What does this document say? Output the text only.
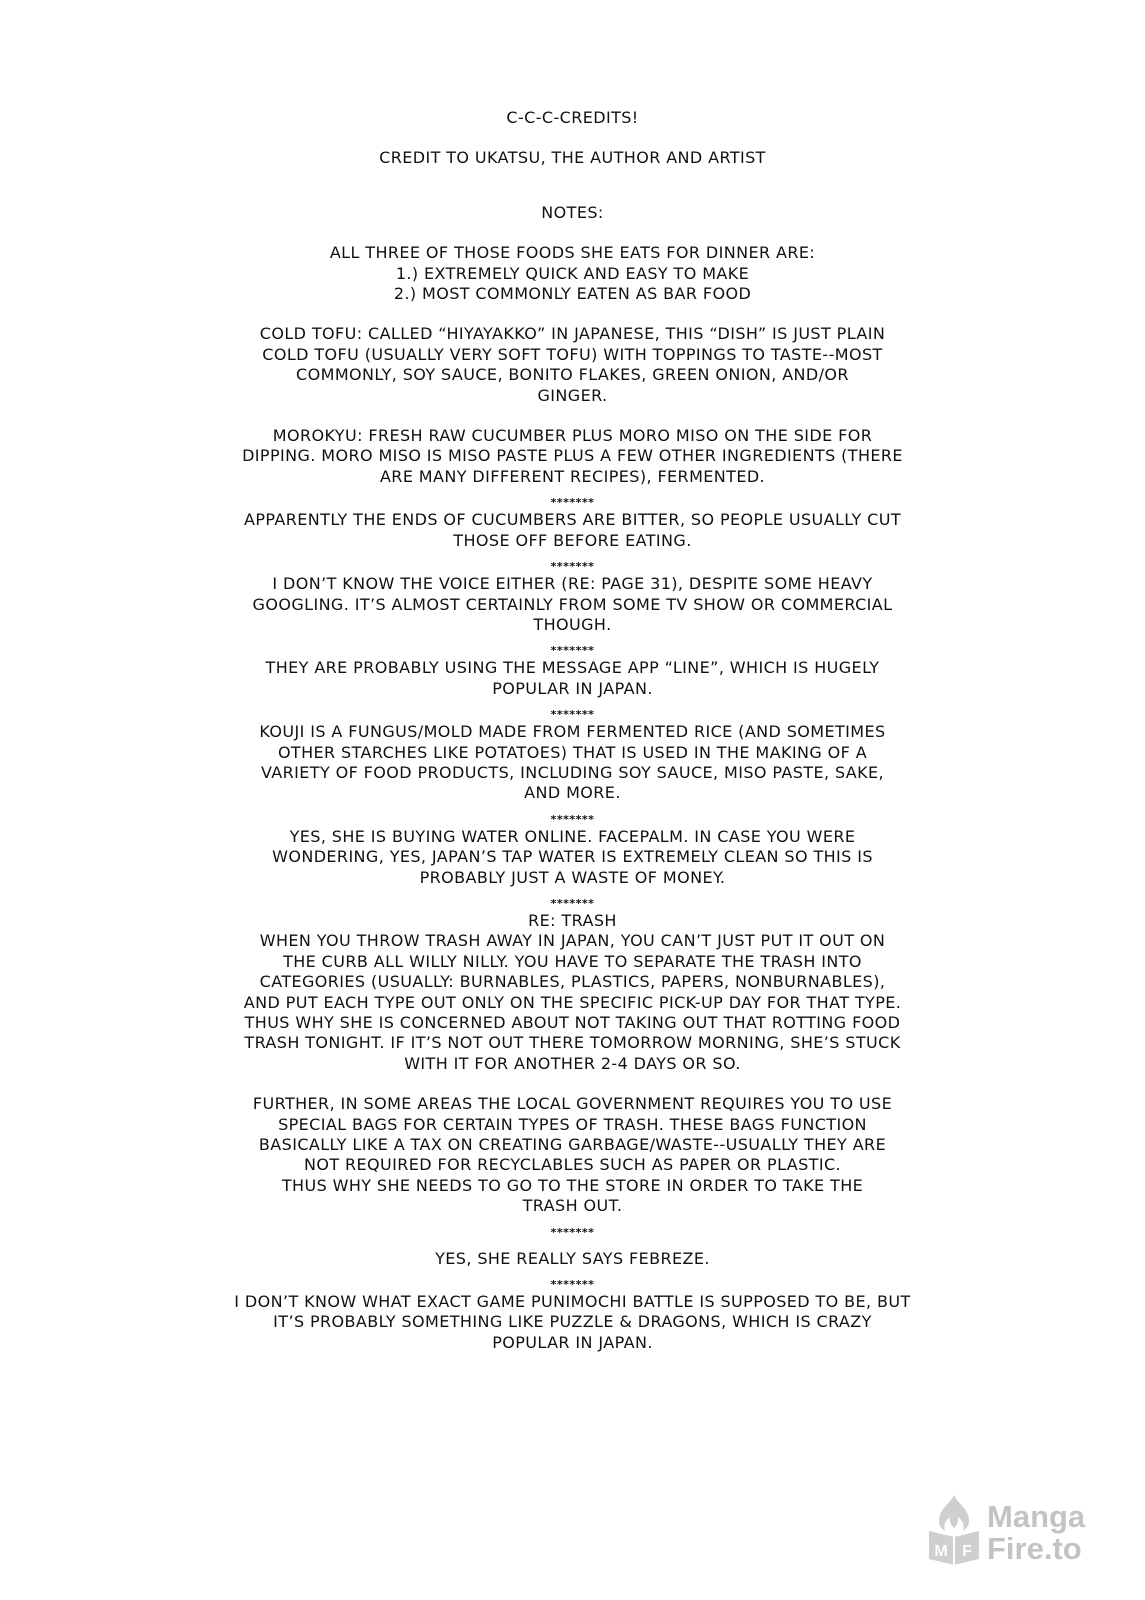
C-C-C-CREDITS!
CREDIT TO UKATSU, THE AUTHOR AND ARTIST
NOTES:
ALL THREE OF THOSE FOODS SHE EATS FOR DINNER ARE:
1.) EXTREMELY QUICK AND EASY TO MAKE
2.) MOST COMMONLY EATEN AS BAR FOOD
COLD TOFU: CALLED “HIYAYAKKO” IN JAPANESE, THIS “DISH” IS JUST PLAIN
COLD TOFU (USUALLY VERY SOFT TOFU) WITH TOPPINGS TO TASTE--MOST
COMMONLY, SOY SAUCE, BONITO FLAKES, GREEN ONION, AND/OR
GINGER.
MOROKYU: FRESH RAW CUCUMBER PLUS MORO MISO ON THE SIDE FOR
DIPPING. MORO MISO IS MISO PASTE PLUS A FEW OTHER INGREDIENTS (THERE
ARE MANY DIFFERENT RECIPES), FERMENTED.
*******
APPARENTLY THE ENDS OF CUCUMBERS ARE BITTER, SO PEOPLE USUALLY CUT
THOSE OFF BEFORE EATING.
*******
I DON’T KNOW THE VOICE EITHER (RE: PAGE 31), DESPITE SOME HEAVY
GOOGLING. IT’S ALMOST CERTAINLY FROM SOME TV SHOW OR COMMERCIAL
THOUGH.
*******
THEY ARE PROBABLY USING THE MESSAGE APP “LINE”, WHICH IS HUGELY
POPULAR IN JAPAN.
*******
KOUJI IS A FUNGUS/MOLD MADE FROM FERMENTED RICE (AND SOMETIMES
OTHER STARCHES LIKE POTATOES) THAT IS USED IN THE MAKING OF A
VARIETY OF FOOD PRODUCTS, INCLUDING SOY SAUCE, MISO PASTE, SAKE,
AND MORE.
*******
YES, SHE IS BUYING WATER ONLINE. FACEPALM. IN CASE YOU WERE
WONDERING, YES, JAPAN’S TAP WATER IS EXTREMELY CLEAN SO THIS IS
PROBABLY JUST A WASTE OF MONEY.
*******
RE: TRASH
WHEN YOU THROW TRASH AWAY IN JAPAN, YOU CAN’T JUST PUT IT OUT ON
THE CURB ALL WILLY NILLY. YOU HAVE TO SEPARATE THE TRASH INTO
CATEGORIES (USUALLY: BURNABLES, PLASTICS, PAPERS, NONBURNABLES),
AND PUT EACH TYPE OUT ONLY ON THE SPECIFIC PICK-UP DAY FOR THAT TYPE.
THUS WHY SHE IS CONCERNED ABOUT NOT TAKING OUT THAT ROTTING FOOD
TRASH TONIGHT. IF IT’S NOT OUT THERE TOMORROW MORNING, SHE’S STUCK
WITH IT FOR ANOTHER 2-4 DAYS OR SO.
FURTHER, IN SOME AREAS THE LOCAL GOVERNMENT REQUIRES YOU TO USE
SPECIAL BAGS FOR CERTAIN TYPES OF TRASH. THESE BAGS FUNCTION
BASICALLY LIKE A TAX ON CREATING GARBAGE/WASTE--USUALLY THEY ARE
NOT REQUIRED FOR RECYCLABLES SUCH AS PAPER OR PLASTIC.
THUS WHY SHE NEEDS TO GO TO THE STORE IN ORDER TO TAKE THE
TRASH OUT.
*******
YES, SHE REALLY SAYS FEBREZE.
*******
I DON’T KNOW WHAT EXACT GAME PUNIMOCHI BATTLE IS SUPPOSED TO BE, BUT
IT’S PROBABLY SOMETHING LIKE PUZZLE & DRAGONS, WHICH IS CRAZY
POPULAR IN JAPAN.
M F
Manga
Fire.to
